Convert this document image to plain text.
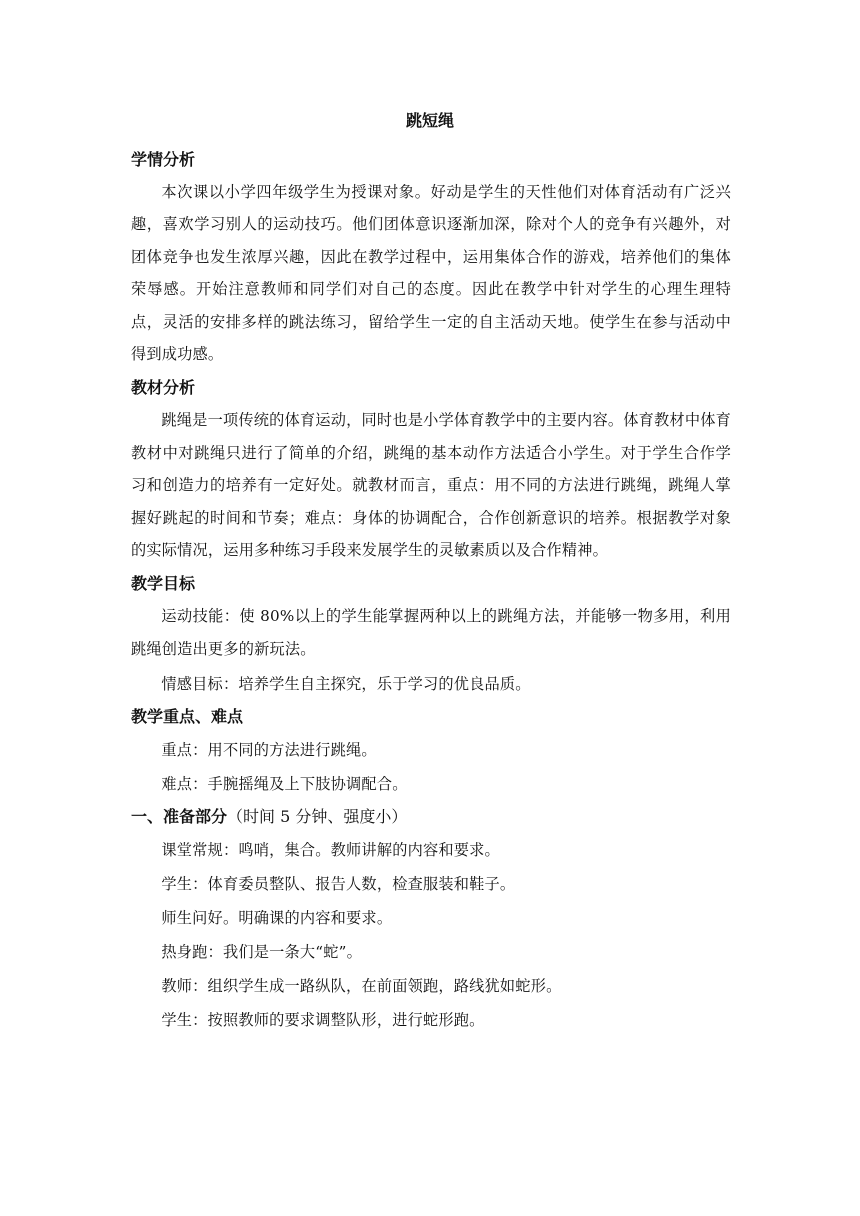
跳短绳

学情分析

本次课以小学四年级学生为授课对象。好动是学生的天性他们对体育活动有广泛兴趣，喜欢学习别人的运动技巧。他们团体意识逐渐加深，除对个人的竞争有兴趣外，对团体竞争也发生浓厚兴趣，因此在教学过程中，运用集体合作的游戏，培养他们的集体荣辱感。开始注意教师和同学们对自己的态度。因此在教学中针对学生的心理生理特点，灵活的安排多样的跳法练习，留给学生一定的自主活动天地。使学生在参与活动中得到成功感。

教材分析

跳绳是一项传统的体育运动，同时也是小学体育教学中的主要内容。体育教材中体育教材中对跳绳只进行了简单的介绍，跳绳的基本动作方法适合小学生。对于学生合作学习和创造力的培养有一定好处。就教材而言，重点：用不同的方法进行跳绳，跳绳人掌握好跳起的时间和节奏；难点：身体的协调配合，合作创新意识的培养。根据教学对象的实际情况，运用多种练习手段来发展学生的灵敏素质以及合作精神。

教学目标

运动技能：使 80%以上的学生能掌握两种以上的跳绳方法，并能够一物多用，利用跳绳创造出更多的新玩法。

情感目标：培养学生自主探究，乐于学习的优良品质。

教学重点、难点

重点：用不同的方法进行跳绳。

难点：手腕摇绳及上下肢协调配合。

一、准备部分（时间 5 分钟、强度小）

课堂常规：鸣哨，集合。教师讲解的内容和要求。

学生：体育委员整队、报告人数，检查服装和鞋子。

师生问好。明确课的内容和要求。

热身跑：我们是一条大“蛇”。

教师：组织学生成一路纵队，在前面领跑，路线犹如蛇形。

学生：按照教师的要求调整队形，进行蛇形跑。
